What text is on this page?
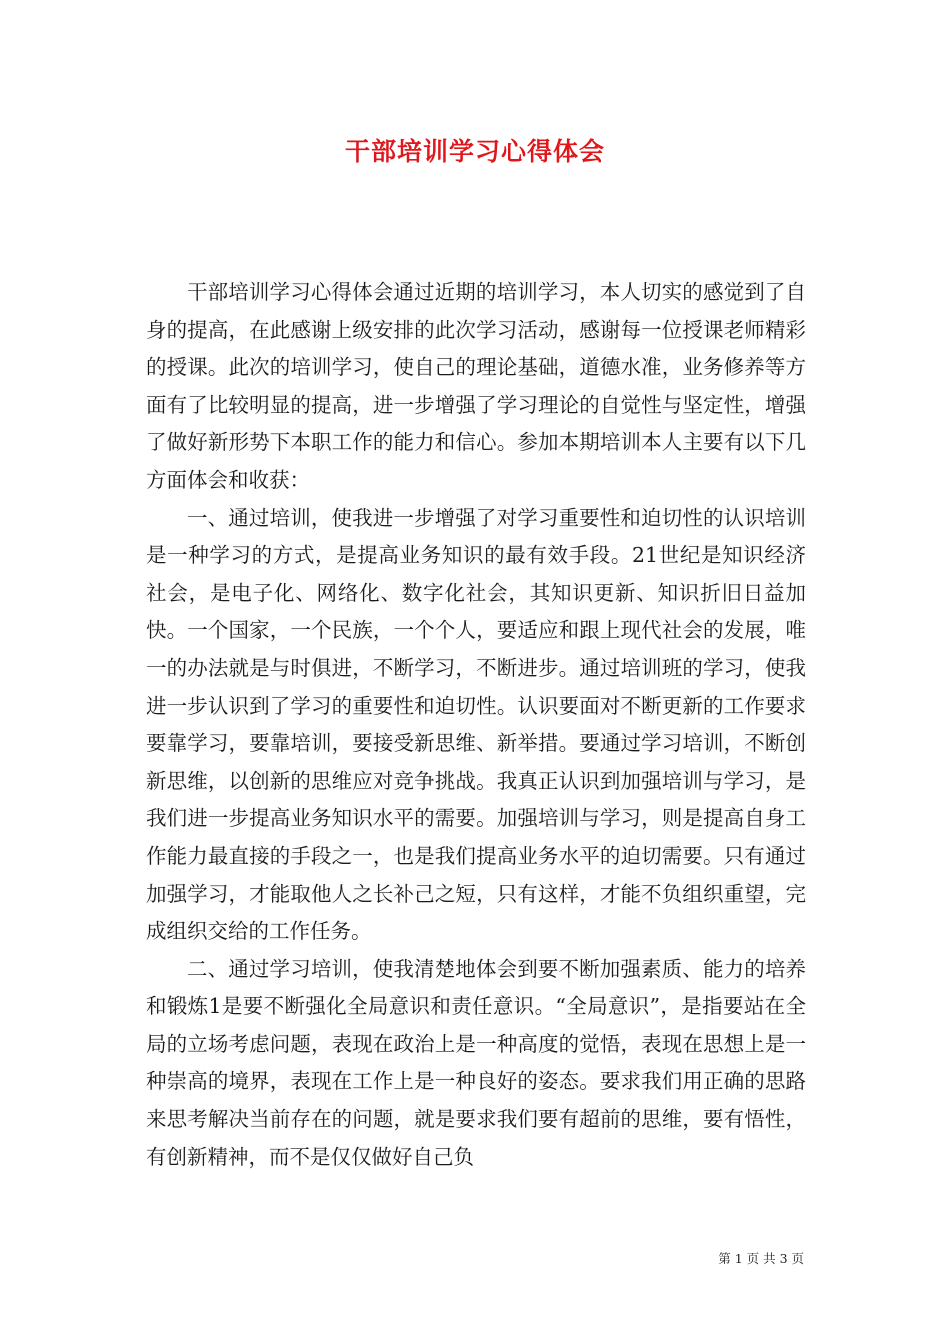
干部培训学习心得体会

干部培训学习心得体会通过近期的培训学习，本人切实的感觉到了自身的提高，在此感谢上级安排的此次学习活动，感谢每一位授课老师精彩的授课。此次的培训学习，使自己的理论基础，道德水准，业务修养等方面有了比较明显的提高，进一步增强了学习理论的自觉性与坚定性，增强了做好新形势下本职工作的能力和信心。参加本期培训本人主要有以下几方面体会和收获：

一、通过培训，使我进一步增强了对学习重要性和迫切性的认识培训是一种学习的方式，是提高业务知识的最有效手段。21世纪是知识经济社会，是电子化、网络化、数字化社会，其知识更新、知识折旧日益加快。一个国家，一个民族，一个个人，要适应和跟上现代社会的发展，唯一的办法就是与时俱进，不断学习，不断进步。通过培训班的学习，使我进一步认识到了学习的重要性和迫切性。认识要面对不断更新的工作要求要靠学习，要靠培训，要接受新思维、新举措。要通过学习培训，不断创新思维，以创新的思维应对竞争挑战。我真正认识到加强培训与学习，是我们进一步提高业务知识水平的需要。加强培训与学习，则是提高自身工作能力最直接的手段之一，也是我们提高业务水平的迫切需要。只有通过加强学习，才能取他人之长补己之短，只有这样，才能不负组织重望，完成组织交给的工作任务。

二、通过学习培训，使我清楚地体会到要不断加强素质、能力的培养和锻炼1是要不断强化全局意识和责任意识。“全局意识”，是指要站在全局的立场考虑问题，表现在政治上是一种高度的觉悟，表现在思想上是一种崇高的境界，表现在工作上是一种良好的姿态。要求我们用正确的思路来思考解决当前存在的问题，就是要求我们要有超前的思维，要有悟性，有创新精神，而不是仅仅做好自己负

第 1 页 共 3 页
